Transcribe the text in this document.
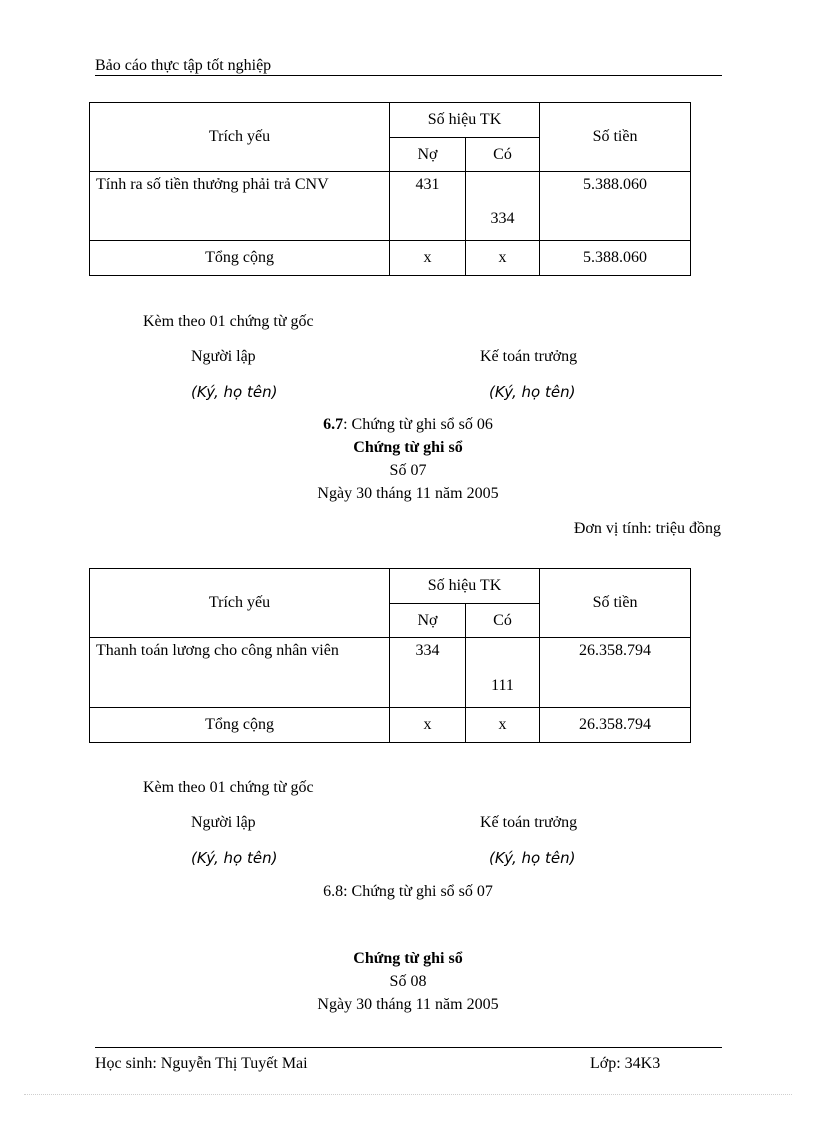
Bảo cáo thực tập tốt nghiệp
Trích yếu	Số hiệu TK		Số tiền
	Nợ	Có	
Tính ra số tiền thưởng phải trả CNV	431	334	5.388.060
Tổng cộng	x	x	5.388.060
Kèm theo 01 chứng từ gốc
Người lập	Kế toán trưởng
(Ký, họ tên)	(Ký, họ tên)
6.7: Chứng từ ghi sổ số 06
Chứng từ ghi sổ
Số 07
Ngày 30 tháng 11 năm 2005
Đơn vị tính: triệu đồng
Trích yếu	Số hiệu TK		Số tiền
	Nợ	Có	
Thanh toán lương cho công nhân viên	334	111	26.358.794
Tổng cộng	x	x	26.358.794
Kèm theo 01 chứng từ gốc
Người lập	Kế toán trưởng
(Ký, họ tên)	(Ký, họ tên)
6.8: Chứng từ ghi sổ số 07
Chứng từ ghi sổ
Số 08
Ngày 30 tháng 11 năm 2005
Học sinh: Nguyễn Thị Tuyết Mai	Lớp: 34K3
